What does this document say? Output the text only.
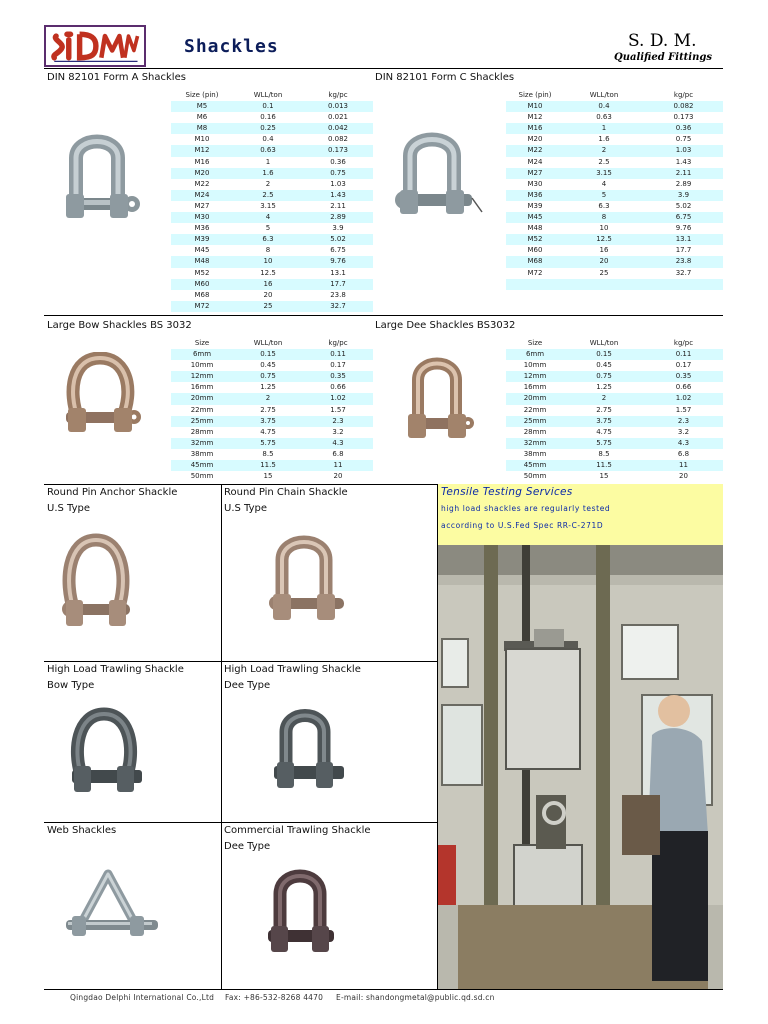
Shackles	S. D. M.
Qualified Fittings
DIN 82101 Form A Shackles
Size (pin)	WLL/ton	kg/pc
M5	0.1	0.013
M6	0.16	0.021
M8	0.25	0.042
M10	0.4	0.082
M12	0.63	0.173
M16	1	0.36
M20	1.6	0.75
M22	2	1.03
M24	2.5	1.43
M27	3.15	2.11
M30	4	2.89
M36	5	3.9
M39	6.3	5.02
M45	8	6.75
M48	10	9.76
M52	12.5	13.1
M60	16	17.7
M68	20	23.8
M72	25	32.7
DIN 82101 Form C Shackles
Size (pin)	WLL/ton	kg/pc
M10	0.4	0.082
M12	0.63	0.173
M16	1	0.36
M20	1.6	0.75
M22	2	1.03
M24	2.5	1.43
M27	3.15	2.11
M30	4	2.89
M36	5	3.9
M39	6.3	5.02
M45	8	6.75
M48	10	9.76
M52	12.5	13.1
M60	16	17.7
M68	20	23.8
M72	25	32.7

Large Bow Shackles BS 3032
Size	WLL/ton	kg/pc
6mm	0.15	0.11
10mm	0.45	0.17
12mm	0.75	0.35
16mm	1.25	0.66
20mm	2	1.02
22mm	2.75	1.57
25mm	3.75	2.3
28mm	4.75	3.2
32mm	5.75	4.3
38mm	8.5	6.8
45mm	11.5	11
50mm	15	20
Large Dee Shackles BS3032
Size	WLL/ton	kg/pc
6mm	0.15	0.11
10mm	0.45	0.17
12mm	0.75	0.35
16mm	1.25	0.66
20mm	2	1.02
22mm	2.75	1.57
25mm	3.75	2.3
28mm	4.75	3.2
32mm	5.75	4.3
38mm	8.5	6.8
45mm	11.5	11
50mm	15	20
Round Pin Anchor Shackle
U.S Type
Round Pin Chain Shackle
U.S Type
High Load Trawling Shackle
Bow Type
High Load Trawling Shackle
Dee Type
Web Shackles	Commercial Trawling Shackle
Dee Type
Tensile Testing Services
high load shackles are regularly tested
according to U.S.Fed Spec RR-C-271D
Qingdao Delphi International Co.,Ltd Fax: +86-532-8268 4470 E-mail: shandongmetal@public.qd.sd.cn
